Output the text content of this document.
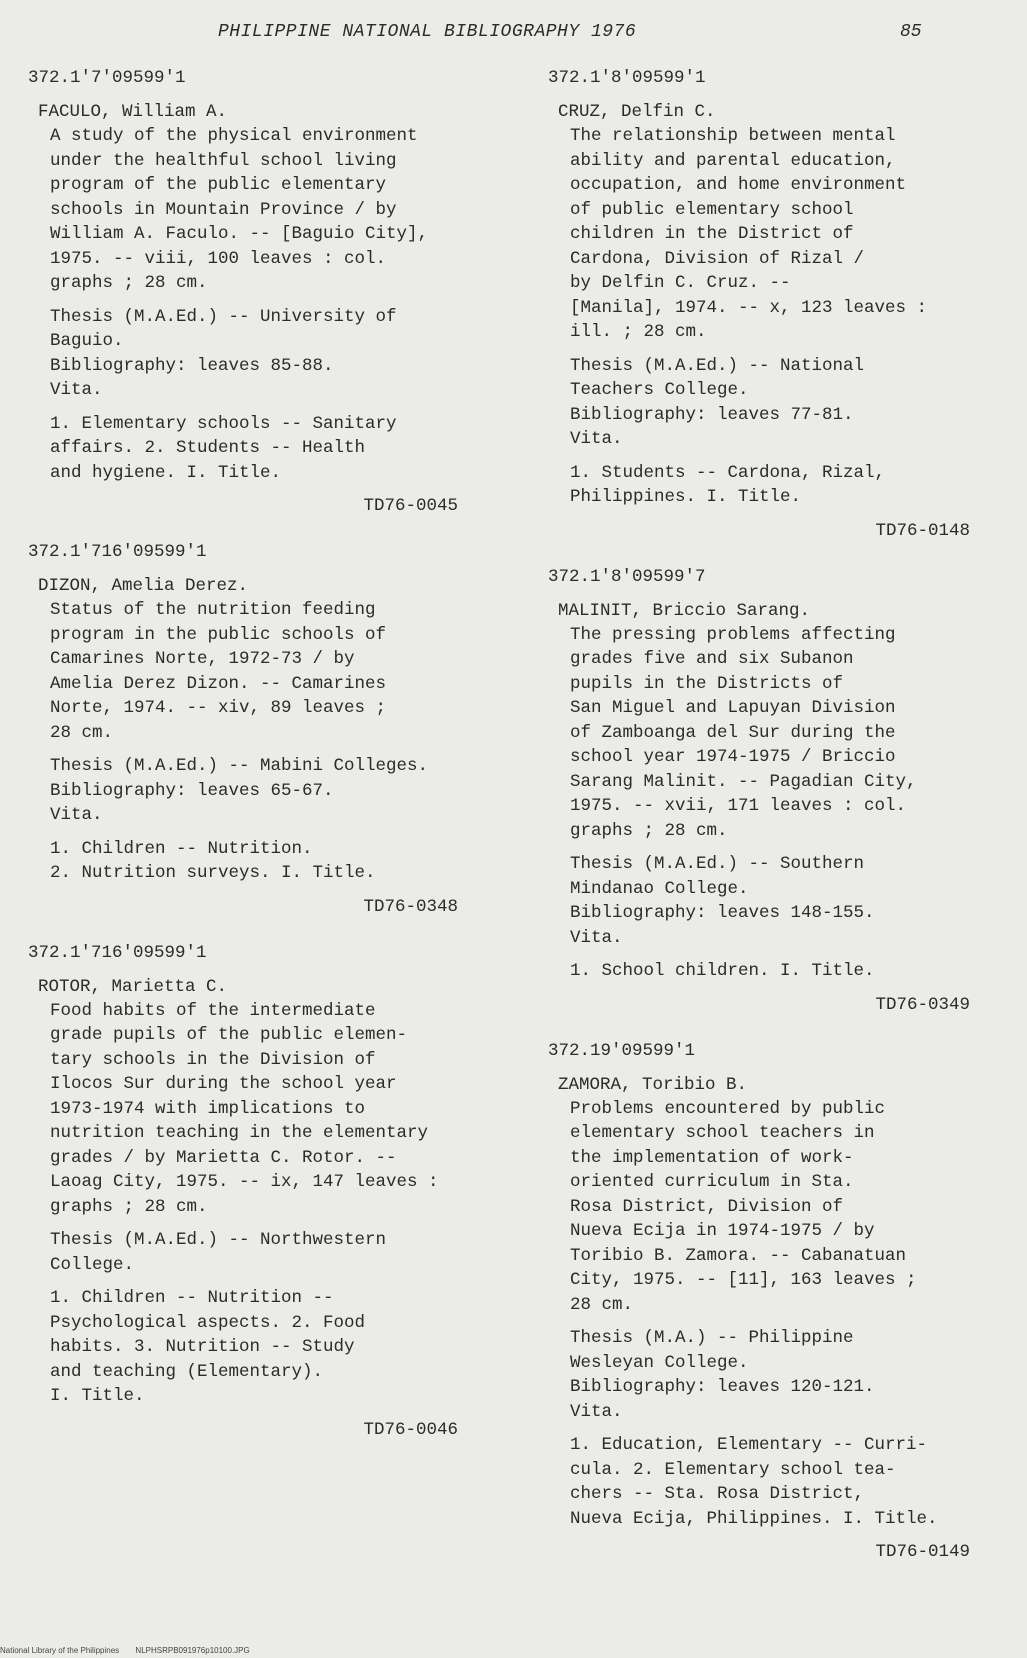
PHILIPPINE NATIONAL BIBLIOGRAPHY 1976	85
372.1'7'09599'1
FACULO, William A.
A study of the physical environment
under the healthful school living
program of the public elementary
schools in Mountain Province / by
William A. Faculo. -- [Baguio City],
1975. -- viii, 100 leaves : col.
graphs ; 28 cm.
Thesis (M.A.Ed.) -- University of
Baguio.
Bibliography: leaves 85-88.
Vita.
1. Elementary schools -- Sanitary
affairs. 2. Students -- Health
and hygiene. I. Title.
TD76-0045
372.1'716'09599'1
DIZON, Amelia Derez.
Status of the nutrition feeding
program in the public schools of
Camarines Norte, 1972-73 / by
Amelia Derez Dizon. -- Camarines
Norte, 1974. -- xiv, 89 leaves ;
28 cm.
Thesis (M.A.Ed.) -- Mabini Colleges.
Bibliography: leaves 65-67.
Vita.
1. Children -- Nutrition.
2. Nutrition surveys. I. Title.
TD76-0348
372.1'716'09599'1
ROTOR, Marietta C.
Food habits of the intermediate
grade pupils of the public elemen-
tary schools in the Division of
Ilocos Sur during the school year
1973-1974 with implications to
nutrition teaching in the elementary
grades / by Marietta C. Rotor. --
Laoag City, 1975. -- ix, 147 leaves :
graphs ; 28 cm.
Thesis (M.A.Ed.) -- Northwestern
College.
1. Children -- Nutrition --
Psychological aspects. 2. Food
habits. 3. Nutrition -- Study
and teaching (Elementary).
I. Title.
TD76-0046
372.1'8'09599'1
CRUZ, Delfin C.
The relationship between mental
ability and parental education,
occupation, and home environment
of public elementary school
children in the District of
Cardona, Division of Rizal /
by Delfin C. Cruz. --
[Manila], 1974. -- x, 123 leaves :
ill. ; 28 cm.
Thesis (M.A.Ed.) -- National
Teachers College.
Bibliography: leaves 77-81.
Vita.
1. Students -- Cardona, Rizal,
Philippines. I. Title.
TD76-0148
372.1'8'09599'7
MALINIT, Briccio Sarang.
The pressing problems affecting
grades five and six Subanon
pupils in the Districts of
San Miguel and Lapuyan Division
of Zamboanga del Sur during the
school year 1974-1975 / Briccio
Sarang Malinit. -- Pagadian City,
1975. -- xvii, 171 leaves : col.
graphs ; 28 cm.
Thesis (M.A.Ed.) -- Southern
Mindanao College.
Bibliography: leaves 148-155.
Vita.
1. School children. I. Title.
TD76-0349
372.19'09599'1
ZAMORA, Toribio B.
Problems encountered by public
elementary school teachers in
the implementation of work-
oriented curriculum in Sta.
Rosa District, Division of
Nueva Ecija in 1974-1975 / by
Toribio B. Zamora. -- Cabanatuan
City, 1975. -- [11], 163 leaves ;
28 cm.
Thesis (M.A.) -- Philippine
Wesleyan College.
Bibliography: leaves 120-121.
Vita.
1. Education, Elementary -- Curri-
cula. 2. Elementary school tea-
chers -- Sta. Rosa District,
Nueva Ecija, Philippines. I. Title.
TD76-0149
National Library of the Philippines NLPHSRPB091976p10100.JPG
